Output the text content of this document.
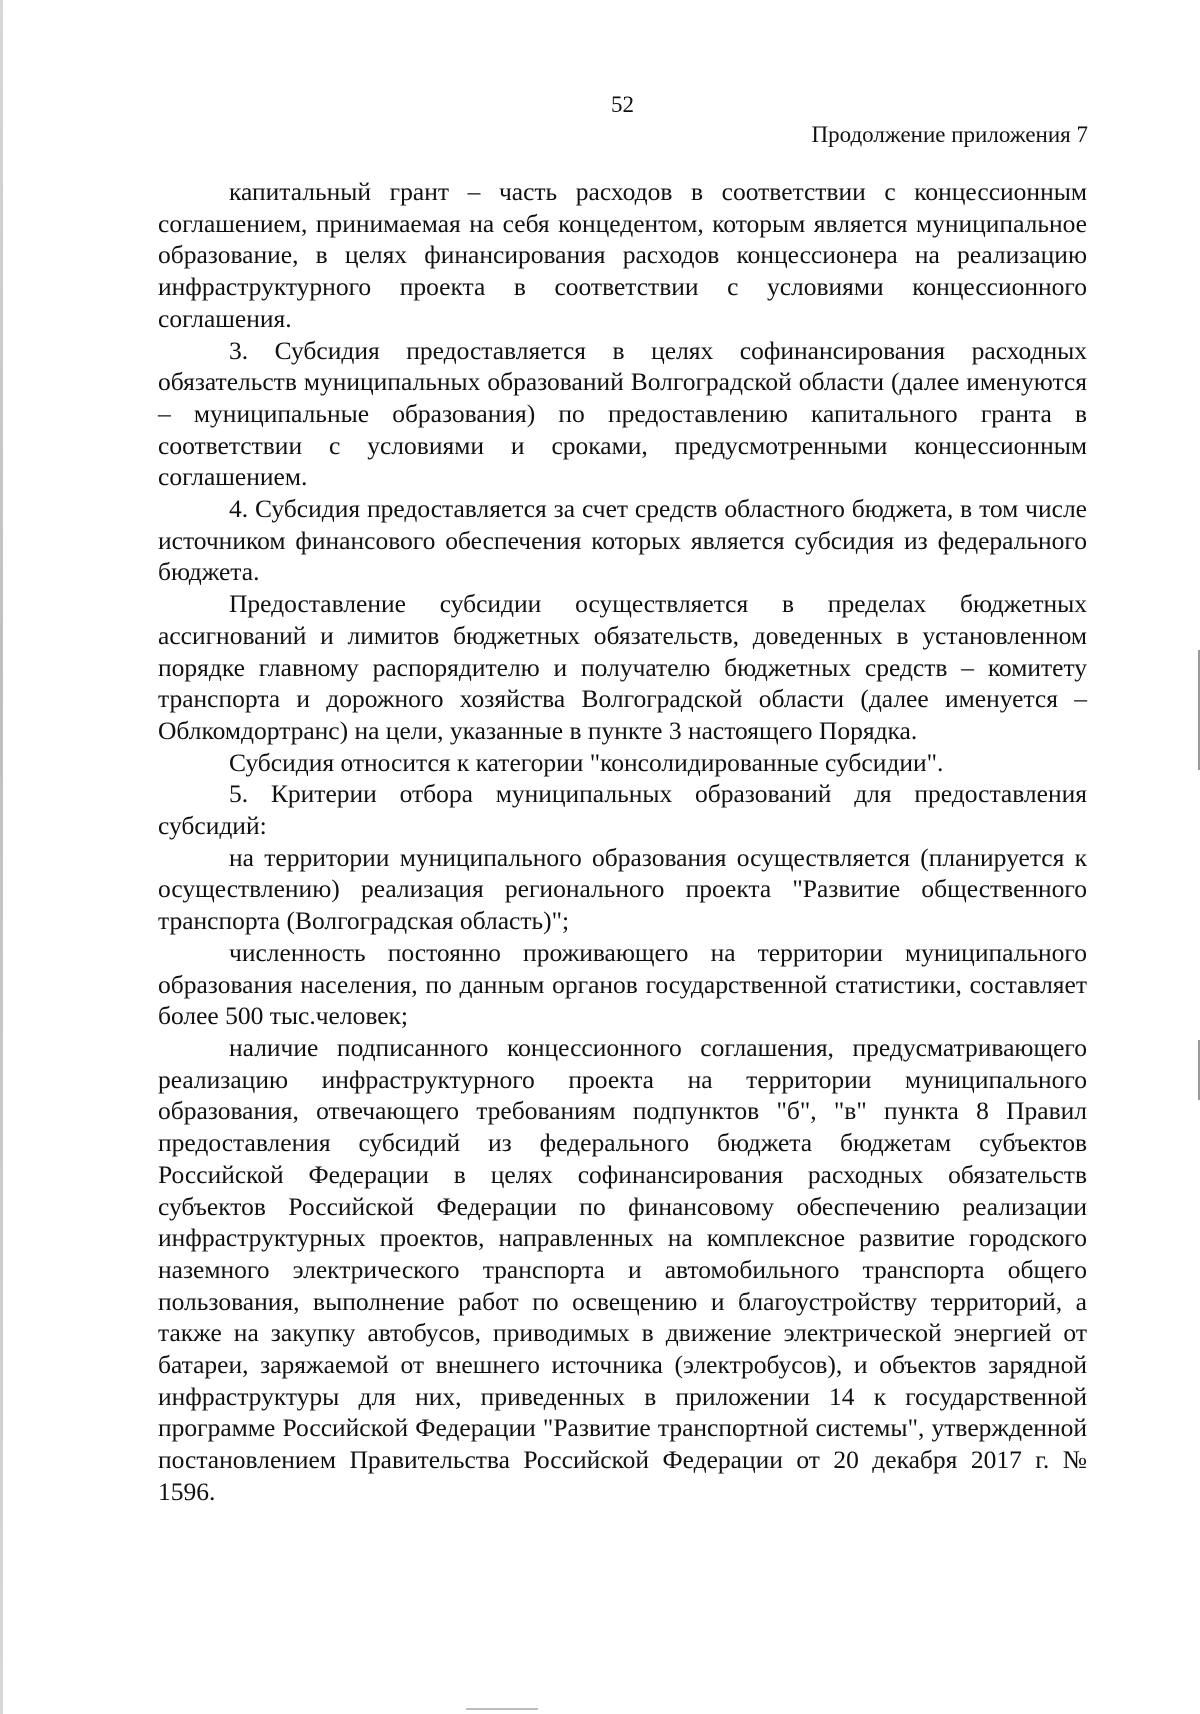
52
Продолжение приложения 7

капитальный грант – часть расходов в соответствии с концессионным соглашением, принимаемая на себя концедентом, которым является муниципальное образование, в целях финансирования расходов концессионера на реализацию инфраструктурного проекта в соответствии с условиями концессионного соглашения.

3. Субсидия предоставляется в целях софинансирования расходных обязательств муниципальных образований Волгоградской области (далее именуются – муниципальные образования) по предоставлению капитального гранта в соответствии с условиями и сроками, предусмотренными концессионным соглашением.

4. Субсидия предоставляется за счет средств областного бюджета, в том числе источником финансового обеспечения которых является субсидия из федерального бюджета.

Предоставление субсидии осуществляется в пределах бюджетных ассигнований и лимитов бюджетных обязательств, доведенных в установленном порядке главному распорядителю и получателю бюджетных средств – комитету транспорта и дорожного хозяйства Волгоградской области (далее именуется – Облкомдортранс) на цели, указанные в пункте 3 настоящего Порядка.

Субсидия относится к категории "консолидированные субсидии".

5. Критерии отбора муниципальных образований для предоставления субсидий:

на территории муниципального образования осуществляется (планируется к осуществлению) реализация регионального проекта "Развитие общественного транспорта (Волгоградская область)";

численность постоянно проживающего на территории муниципального образования населения, по данным органов государственной статистики, составляет более 500 тыс.человек;

наличие подписанного концессионного соглашения, предусматривающего реализацию инфраструктурного проекта на территории муниципального образования, отвечающего требованиям подпунктов "б", "в" пункта 8 Правил предоставления субсидий из федерального бюджета бюджетам субъектов Российской Федерации в целях софинансирования расходных обязательств субъектов Российской Федерации по финансовому обеспечению реализации инфраструктурных проектов, направленных на комплексное развитие городского наземного электрического транспорта и автомобильного транспорта общего пользования, выполнение работ по освещению и благоустройству территорий, а также на закупку автобусов, приводимых в движение электрической энергией от батареи, заряжаемой от внешнего источника (электробусов), и объектов зарядной инфраструктуры для них, приведенных в приложении 14 к государственной программе Российской Федерации "Развитие транспортной системы", утвержденной постановлением Правительства Российской Федерации от 20 декабря 2017 г. № 1596.
